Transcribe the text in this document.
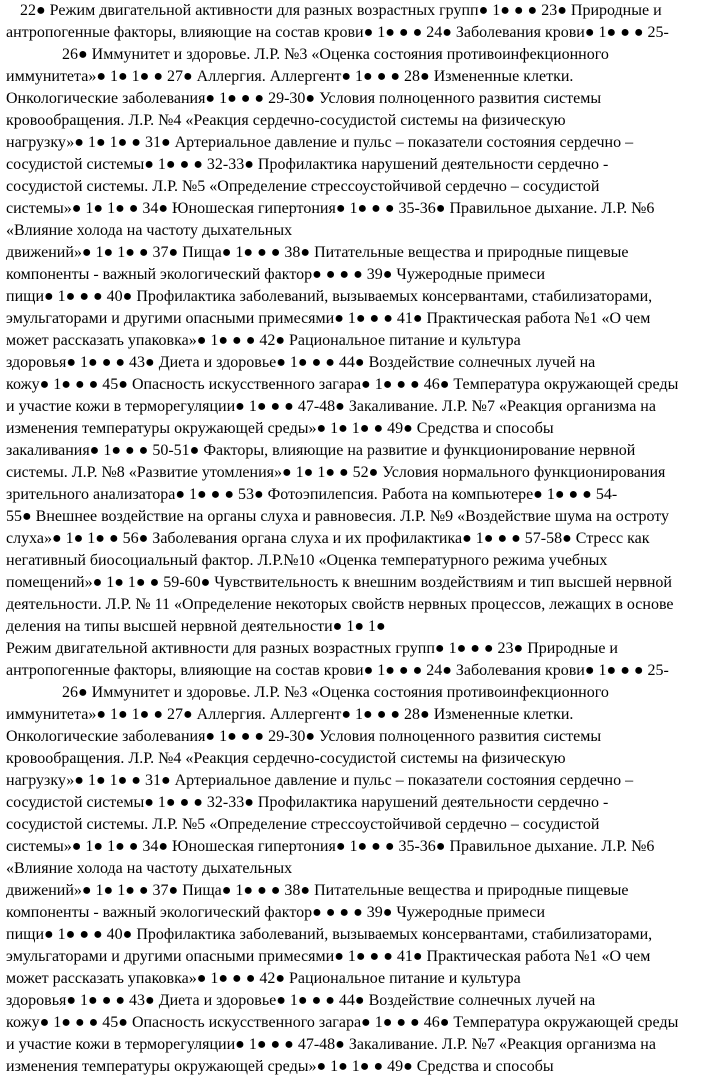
22● Режим двигательной активности для разных возрастных групп● 1● ● ● 23● Природные и
антропогенные факторы, влияющие на состав крови● 1● ● ● 24● Заболевания крови● 1● ● ● 25-
26● Иммунитет и здоровье. Л.Р. №3 «Оценка состояния противоинфекционного
иммунитета»● 1● 1● ● 27● Аллергия. Аллергент● 1● ● ● 28● Измененные клетки.
Онкологические заболевания● 1● ● ● 29-30● Условия полноценного развития системы
кровообращения. Л.Р. №4 «Реакция сердечно-сосудистой системы на физическую
нагрузку»● 1● 1● ● 31● Артериальное давление и пульс – показатели состояния сердечно –
сосудистой системы● 1● ● ● 32-33● Профилактика нарушений деятельности сердечно -
сосудистой системы. Л.Р. №5 «Определение стрессоустойчивой сердечно – сосудистой
системы»● 1● 1● ● 34● Юношеская гипертония● 1● ● ● 35-36● Правильное дыхание. Л.Р. №6
«Влияние холода на частоту дыхательных
движений»● 1● 1● ● 37● Пища● 1● ● ● 38● Питательные вещества и природные пищевые
компоненты - важный экологический фактор● ● ● ● 39● Чужеродные примеси
пищи● 1● ● ● 40● Профилактика заболеваний, вызываемых консервантами, стабилизаторами,
эмульгаторами и другими опасными примесями● 1● ● ● 41● Практическая работа №1 «О чем
может рассказать упаковка»● 1● ● ● 42● Рациональное питание и культура
здоровья● 1● ● ● 43● Диета и здоровье● 1● ● ● 44● Воздействие солнечных лучей на
кожу● 1● ● ● 45● Опасность искусственного загара● 1● ● ● 46● Температура окружающей среды
и участие кожи в терморегуляции● 1● ● ● 47-48● Закаливание. Л.Р. №7 «Реакция организма на
изменения температуры окружающей среды»● 1● 1● ● 49● Средства и способы
закаливания● 1● ● ● 50-51● Факторы, влияющие на развитие и функционирование нервной
системы. Л.Р. №8 «Развитие утомления»● 1● 1● ● 52● Условия нормального функционирования
зрительного анализатора● 1● ● ● 53● Фотоэпилепсия. Работа на компьютере● 1● ● ● 54-
55● Внешнее воздействие на органы слуха и равновесия. Л.Р. №9 «Воздействие шума на остроту
слуха»● 1● 1● ● 56● Заболевания органа слуха и их профилактика● 1● ● ● 57-58● Стресс как
негативный биосоциальный фактор. Л.Р.№10 «Оценка температурного режима учебных
помещений»● 1● 1● ● 59-60● Чувствительность к внешним воздействиям и тип высшей нервной
деятельности. Л.Р. № 11 «Определение некоторых свойств нервных процессов, лежащих в основе
деления на типы высшей нервной деятельности● 1● 1●
Режим двигательной активности для разных возрастных групп● 1● ● ● 23● Природные и
антропогенные факторы, влияющие на состав крови● 1● ● ● 24● Заболевания крови● 1● ● ● 25-
26● Иммунитет и здоровье. Л.Р. №3 «Оценка состояния противоинфекционного
иммунитета»● 1● 1● ● 27● Аллергия. Аллергент● 1● ● ● 28● Измененные клетки.
Онкологические заболевания● 1● ● ● 29-30● Условия полноценного развития системы
кровообращения. Л.Р. №4 «Реакция сердечно-сосудистой системы на физическую
нагрузку»● 1● 1● ● 31● Артериальное давление и пульс – показатели состояния сердечно –
сосудистой системы● 1● ● ● 32-33● Профилактика нарушений деятельности сердечно -
сосудистой системы. Л.Р. №5 «Определение стрессоустойчивой сердечно – сосудистой
системы»● 1● 1● ● 34● Юношеская гипертония● 1● ● ● 35-36● Правильное дыхание. Л.Р. №6
«Влияние холода на частоту дыхательных
движений»● 1● 1● ● 37● Пища● 1● ● ● 38● Питательные вещества и природные пищевые
компоненты - важный экологический фактор● ● ● ● 39● Чужеродные примеси
пищи● 1● ● ● 40● Профилактика заболеваний, вызываемых консервантами, стабилизаторами,
эмульгаторами и другими опасными примесями● 1● ● ● 41● Практическая работа №1 «О чем
может рассказать упаковка»● 1● ● ● 42● Рациональное питание и культура
здоровья● 1● ● ● 43● Диета и здоровье● 1● ● ● 44● Воздействие солнечных лучей на
кожу● 1● ● ● 45● Опасность искусственного загара● 1● ● ● 46● Температура окружающей среды
и участие кожи в терморегуляции● 1● ● ● 47-48● Закаливание. Л.Р. №7 «Реакция организма на
изменения температуры окружающей среды»● 1● 1● ● 49● Средства и способы
